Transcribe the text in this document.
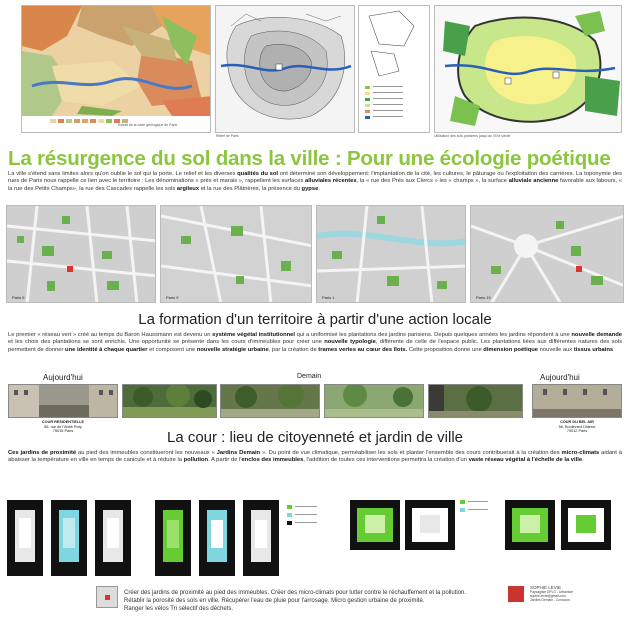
Extrait de la carte géologique de Paris
Relief de Paris	Utilisation des sols parisiens jusqu'au XIXe siècle
La résurgence du sol dans la ville : Pour une écologie poétique
La ville s'étend sans limites alors qu'on oublie le sol qui la porte. Le relief et les diverses qualités du sol ont déterminé son développement: l'implantation de la cité, les cultures, le pâturage ou l'exploitation des carrières. La toponymie des rues de Paris nous rappelle ce lien avec le territoire : Les dénominations « près et marais », rappellent les surfaces alluviales récentes, la « rue des Prés aux Clercs » les « champs », la surface alluviale ancienne favorable aux labours, « la rue des Petits Champs», la rue des Cascades rappelle les sols argileux et la rue des Plâtrières, la présence du gypse.
Paris 5	Paris 9	Paris 1	Paris 15
La formation d'un territoire à partir d'une action locale
Le premier « réseau vert » créé au temps du Baron Haussmann est devenu un système végétal institutionnel qui a uniformisé les plantations des jardins parisiens. Depuis quelques années les jardins répondent à une nouvelle demande et les choix des plantations se sont enrichis. Une opportunité se présente dans les cours d'immeubles pour créer une nouvelle typologie, différente de celle de l'espace public. Les plantations liées aux différentes natures des sols permettent de donner une identité à chaque quartier et composent une nouvelle stratégie urbaine, par la création de trames vertes au cœur des îlots. Cette proposition donne une dimension poétique nouvelle aux tissus urbains
Aujourd'hui	Demain	Aujourd'hui
COUR RESIDENTIELLE
86, rue de l'Abbé Roty
75015 Paris
COUR DU BEL AIR
56, Boulevard Diderot
75012 Paris
La cour : lieu de citoyenneté et jardin de ville
Ces jardins de proximité au pied des immeubles constitueront les nouveaux « Jardins Demain ». Du point de vue climatique, perméabiliser les sols et planter l'ensemble des cours contribuerait à la création des micro-climats aidant à abaisser la température en ville en temps de canicule et à réduire la pollution. A partir de l'enclos des immeubles, l'addition de toutes ces interventions permettra la création d'un vaste réseau végétal à l'échelle de la ville.
Créer des jardins de proximité au pied des immeubles. Créer des micro-climats pour lutter contre le réchauffement et la pollution.
Rétablir la porosité des sols en ville. Récupérer l'eau de pluie pour l'arrosage. Micro gestion urbaine de proximité.
Ranger les vélos Tri sélectif des déchets.
SOPHIE LEVIE
Paysagiste DPLG - Urbaniste
sophie.levie@gmail.com
Jardins Demain - Concours
